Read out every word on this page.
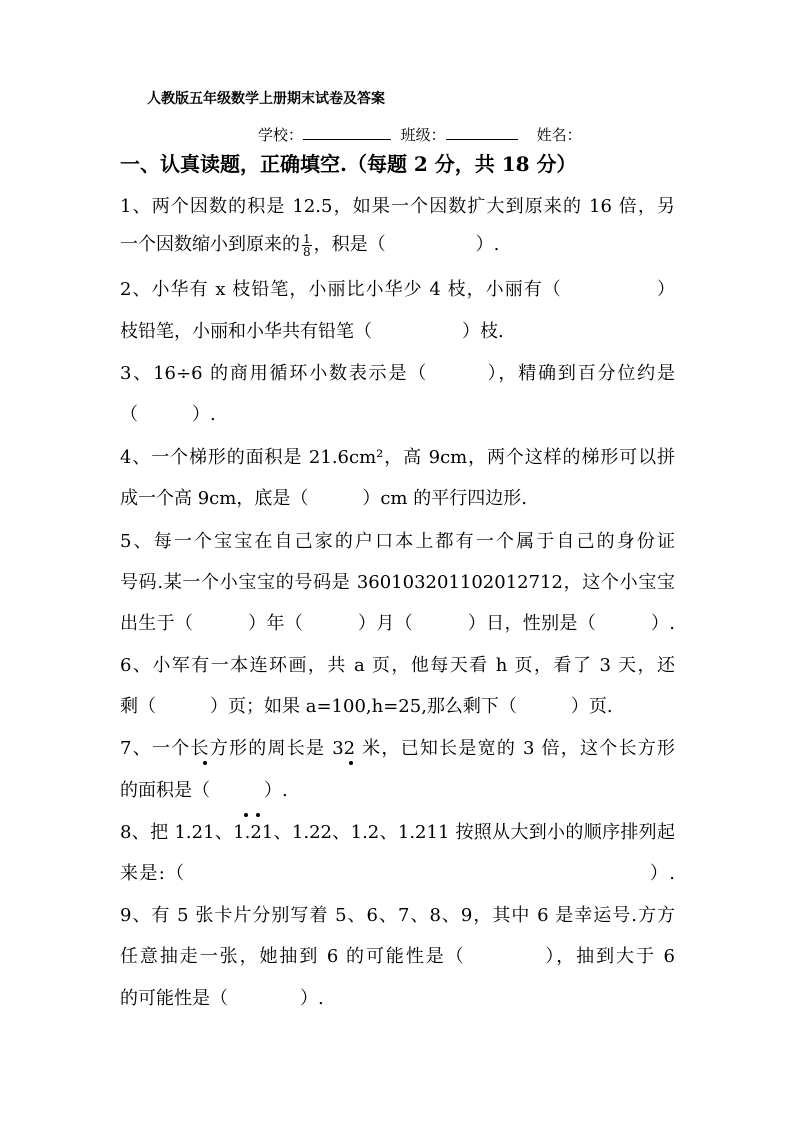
人教版五年级数学上册期末试卷及答案
学校：	班级：	姓名：
一、认真读题，正确填空.（每题 2 分，共 18 分）
1、两个因数的积是 12.5，如果一个因数扩大到原来的 16 倍，另
一个因数缩小到原来的 $\frac{1}{8}$ ，积是（　　　　　）.
2、小华有 x 枝铅笔，小丽比小华少 4 枝，小丽有（　　　　　）
枝铅笔，小丽和小华共有铅笔（　　　　　）枝.
3、16÷6 的商用循环小数表示是（　　　），精确到百分位约是
（　　　）.
4、一个梯形的面积是 21.6cm²，高 9cm，两个这样的梯形可以拼
成一个高 9cm，底是（　　　）cm 的平行四边形.
5、每一个宝宝在自己家的户口本上都有一个属于自己的身份证
号码.某一个小宝宝的号码是 360103201102012712，这个小宝宝
出生于（　　　）年（　　　）月（　　　）日，性别是（　　　）.
6、小军有一本连环画，共 a 页，他每天看 h 页，看了 3 天，还
剩（　　　）页；如果 a=100,h=25,那么剩下（　　　）页.
7、一个长方形的周长是 32 米，已知长是宽的 3 倍，这个长方形
的面积是（　　　）.
8、把 1.21、1.21、1.22、1.2、1.211 按照从大到小的顺序排列起
来是:（　　　　　　　　　　　　　　　　　　　　　　　　）.
9、有 5 张卡片分别写着 5、6、7、8、9，其中 6 是幸运号.方方
任意抽走一张，她抽到 6 的可能性是（　　　　），抽到大于 6
的可能性是（　　　　）.
